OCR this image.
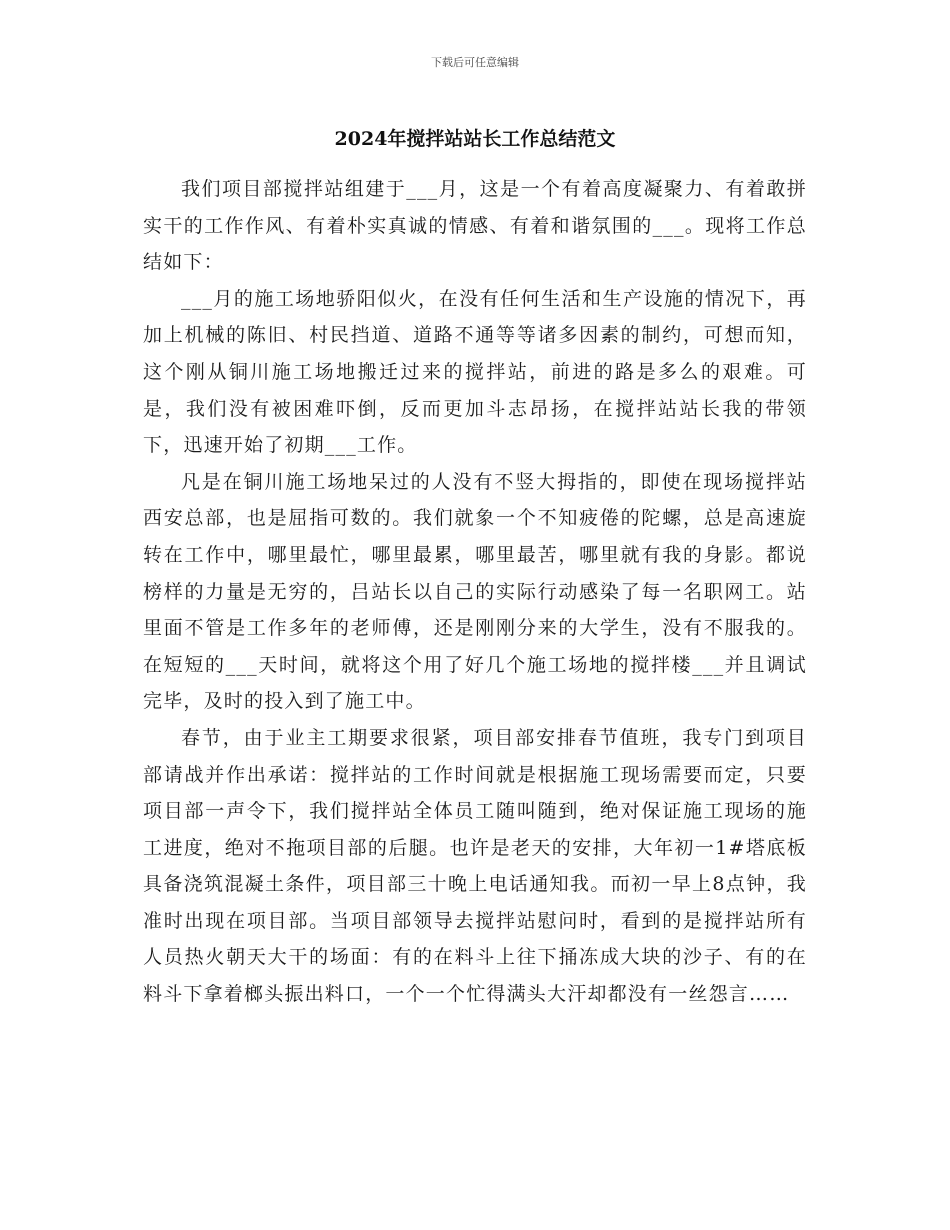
下载后可任意编辑
2024年搅拌站站长工作总结范文

我们项目部搅拌站组建于___月，这是一个有着高度凝聚力、有着敢拼实干的工作作风、有着朴实真诚的情感、有着和谐氛围的___。现将工作总结如下：

___月的施工场地骄阳似火，在没有任何生活和生产设施的情况下，再加上机械的陈旧、村民挡道、道路不通等等诸多因素的制约，可想而知，这个刚从铜川施工场地搬迁过来的搅拌站，前进的路是多么的艰难。可是，我们没有被困难吓倒，反而更加斗志昂扬，在搅拌站站长我的带领下，迅速开始了初期___工作。

凡是在铜川施工场地呆过的人没有不竖大拇指的，即使在现场搅拌站西安总部，也是屈指可数的。我们就象一个不知疲倦的陀螺，总是高速旋转在工作中，哪里最忙，哪里最累，哪里最苦，哪里就有我的身影。都说榜样的力量是无穷的，吕站长以自己的实际行动感染了每一名职网工。站里面不管是工作多年的老师傅，还是刚刚分来的大学生，没有不服我的。在短短的___天时间，就将这个用了好几个施工场地的搅拌楼___并且调试完毕，及时的投入到了施工中。

春节，由于业主工期要求很紧，项目部安排春节值班，我专门到项目部请战并作出承诺：搅拌站的工作时间就是根据施工现场需要而定，只要项目部一声令下，我们搅拌站全体员工随叫随到，绝对保证施工现场的施工进度，绝对不拖项目部的后腿。也许是老天的安排，大年初一1#塔底板具备浇筑混凝土条件，项目部三十晚上电话通知我。而初一早上8点钟，我准时出现在项目部。当项目部领导去搅拌站慰问时，看到的是搅拌站所有人员热火朝天大干的场面：有的在料斗上往下捅冻成大块的沙子、有的在料斗下拿着榔头振出料口，一个一个忙得满头大汗却都没有一丝怨言……
